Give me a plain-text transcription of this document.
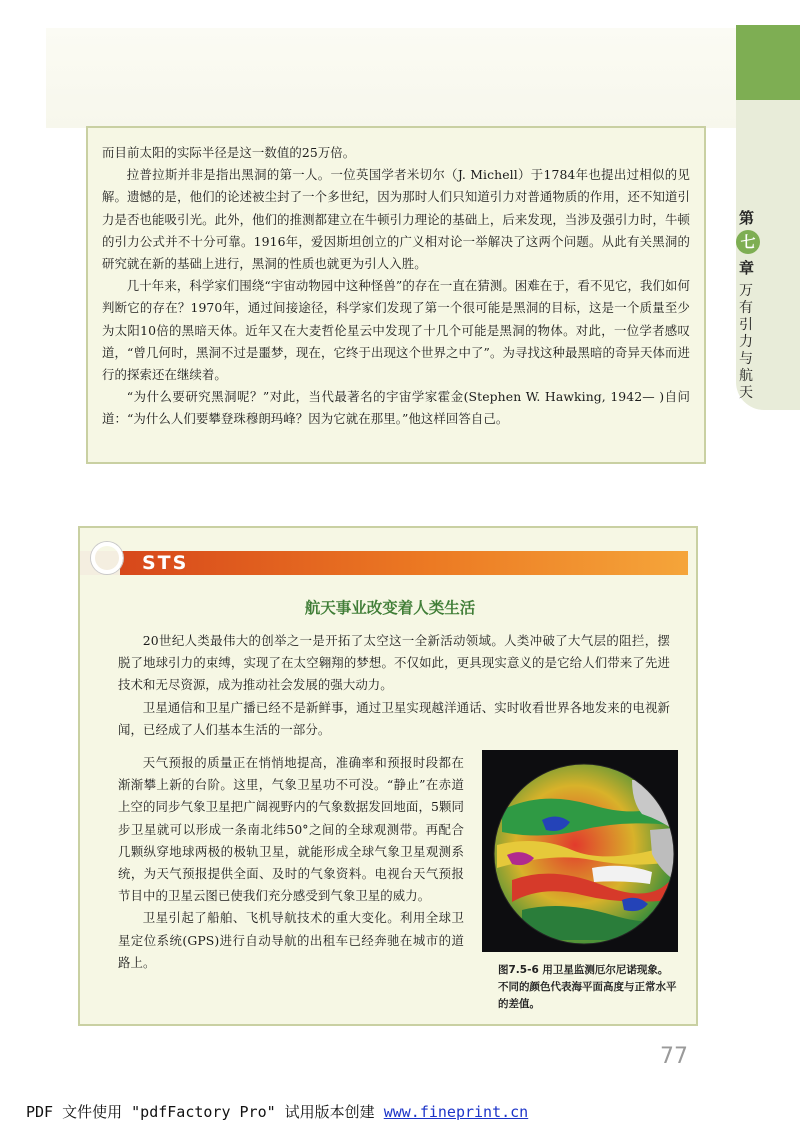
第
七
章
万有引力与航天

而目前太阳的实际半径是这一数值的25万倍。

拉普拉斯并非是指出黑洞的第一人。一位英国学者米切尔（J. Michell）于1784年也提出过相似的见解。遗憾的是，他们的论述被尘封了一个多世纪，因为那时人们只知道引力对普通物质的作用，还不知道引力是否也能吸引光。此外，他们的推测都建立在牛顿引力理论的基础上，后来发现，当涉及强引力时，牛顿的引力公式并不十分可靠。1916年，爱因斯坦创立的广义相对论一举解决了这两个问题。从此有关黑洞的研究就在新的基础上进行，黑洞的性质也就更为引人入胜。

几十年来，科学家们围绕“宇宙动物园中这种怪兽”的存在一直在猜测。困难在于，看不见它，我们如何判断它的存在？1970年，通过间接途径，科学家们发现了第一个很可能是黑洞的目标，这是一个质量至少为太阳10倍的黑暗天体。近年又在大麦哲伦星云中发现了十几个可能是黑洞的物体。对此，一位学者感叹道，“曾几何时，黑洞不过是噩梦，现在，它终于出现这个世界之中了”。为寻找这种最黑暗的奇异天体而进行的探索还在继续着。

“为什么要研究黑洞呢？”对此，当代最著名的宇宙学家霍金(Stephen W. Hawking, 1942— )自问道：“为什么人们要攀登珠穆朗玛峰？因为它就在那里。”他这样回答自己。

STS
航天事业改变着人类生活

20世纪人类最伟大的创举之一是开拓了太空这一全新活动领域。人类冲破了大气层的阻拦，摆脱了地球引力的束缚，实现了在太空翱翔的梦想。不仅如此，更具现实意义的是它给人们带来了先进技术和无尽资源，成为推动社会发展的强大动力。

卫星通信和卫星广播已经不是新鲜事，通过卫星实现越洋通话、实时收看世界各地发来的电视新闻，已经成了人们基本生活的一部分。

天气预报的质量正在悄悄地提高，准确率和预报时段都在渐渐攀上新的台阶。这里，气象卫星功不可没。“静止”在赤道上空的同步气象卫星把广阔视野内的气象数据发回地面，5颗同步卫星就可以形成一条南北纬50°之间的全球观测带。再配合几颗纵穿地球两极的极轨卫星，就能形成全球气象卫星观测系统，为天气预报提供全面、及时的气象资料。电视台天气预报节目中的卫星云图已使我们充分感受到气象卫星的威力。

卫星引起了船舶、飞机导航技术的重大变化。利用全球卫星定位系统(GPS)进行自动导航的出租车已经奔驰在城市的道路上。

图7.5-6 用卫星监测厄尔尼诺现象。不同的颜色代表海平面高度与正常水平的差值。
77
PDF 文件使用 "pdfFactory Pro" 试用版本创建 www.fineprint.cn
